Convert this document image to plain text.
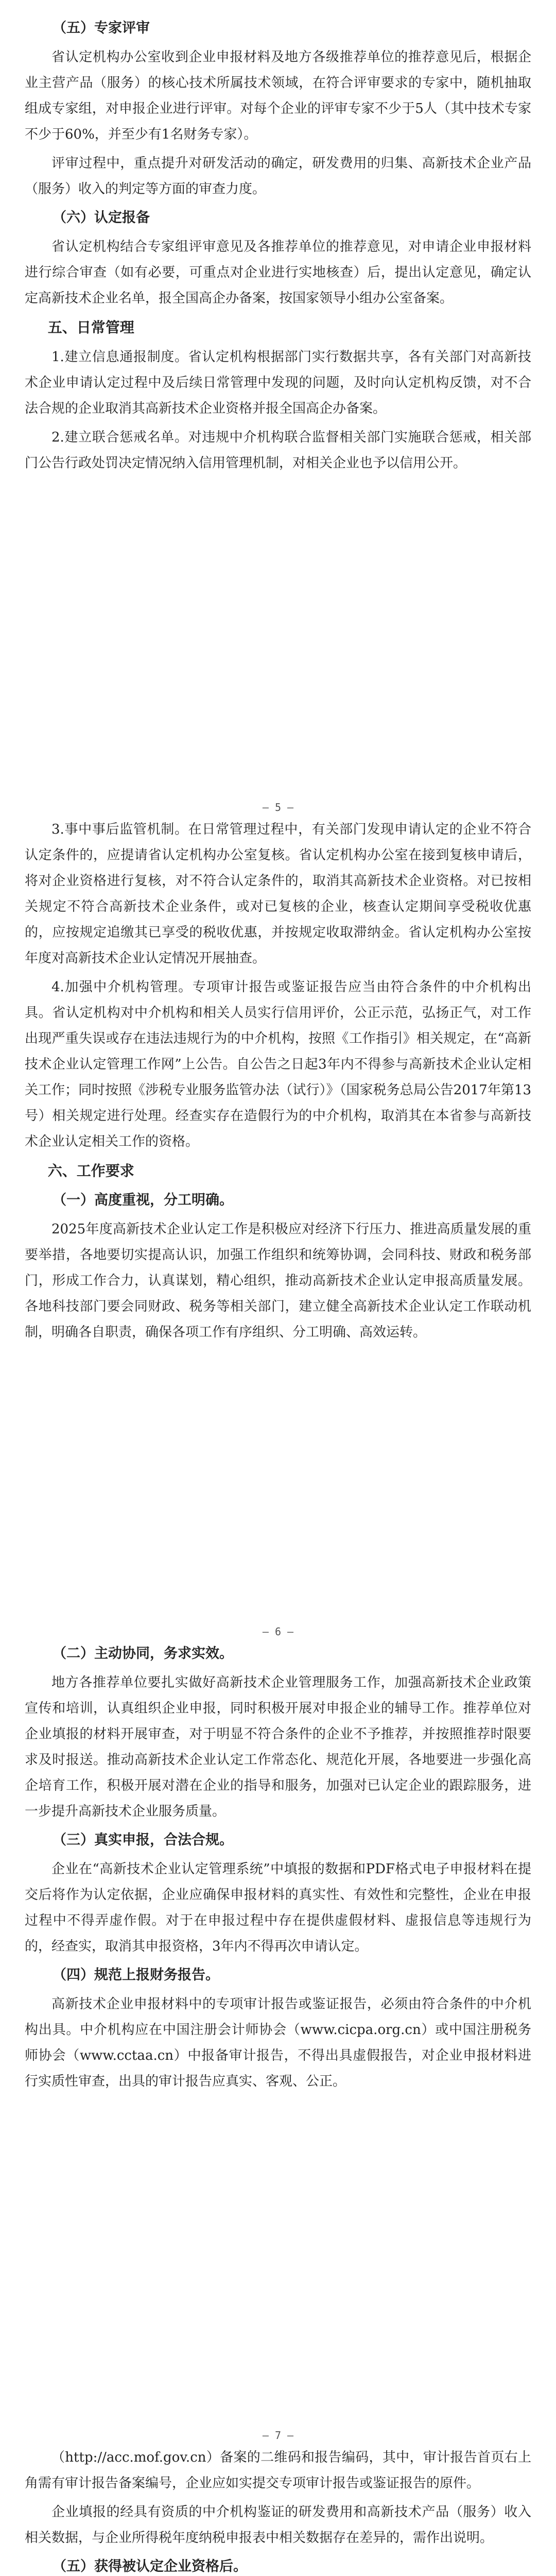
（五）专家评审

省认定机构办公室收到企业申报材料及地方各级推荐单位的推荐意见后，根据企业主营产品（服务）的核心技术所属技术领域，在符合评审要求的专家中，随机抽取组成专家组，对申报企业进行评审。对每个企业的评审专家不少于5人（其中技术专家不少于60%，并至少有1名财务专家）。

评审过程中，重点提升对研发活动的确定，研发费用的归集、高新技术企业产品（服务）收入的判定等方面的审查力度。

（六）认定报备

省认定机构结合专家组评审意见及各推荐单位的推荐意见，对申请企业申报材料进行综合审查（如有必要，可重点对企业进行实地核查）后，提出认定意见，确定认定高新技术企业名单，报全国高企办备案，按国家领导小组办公室备案。

五、日常管理

1.建立信息通报制度。省认定机构根据部门实行数据共享，各有关部门对高新技术企业申请认定过程中及后续日常管理中发现的问题，及时向认定机构反馈，对不合法合规的企业取消其高新技术企业资格并报全国高企办备案。

2.建立联合惩戒名单。对违规中介机构联合监督相关部门实施联合惩戒，相关部门公告行政处罚决定情况纳入信用管理机制，对相关企业也予以信用公开。

— 5 —

3.事中事后监管机制。在日常管理过程中，有关部门发现申请认定的企业不符合认定条件的，应提请省认定机构办公室复核。省认定机构办公室在接到复核申请后，将对企业资格进行复核，对不符合认定条件的，取消其高新技术企业资格。对已按相关规定不符合高新技术企业条件，或对已复核的企业，核查认定期间享受税收优惠的，应按规定追缴其已享受的税收优惠，并按规定收取滞纳金。省认定机构办公室按年度对高新技术企业认定情况开展抽查。

4.加强中介机构管理。专项审计报告或鉴证报告应当由符合条件的中介机构出具。省认定机构对中介机构和相关人员实行信用评价，公正示范，弘扬正气，对工作出现严重失误或存在违法违规行为的中介机构，按照《工作指引》相关规定，在“高新技术企业认定管理工作网”上公告。自公告之日起3年内不得参与高新技术企业认定相关工作；同时按照《涉税专业服务监管办法（试行）》（国家税务总局公告2017年第13号）相关规定进行处理。经查实存在造假行为的中介机构，取消其在本省参与高新技术企业认定相关工作的资格。

六、工作要求
（一）高度重视，分工明确。

2025年度高新技术企业认定工作是积极应对经济下行压力、推进高质量发展的重要举措，各地要切实提高认识，加强工作组织和统筹协调，会同科技、财政和税务部门，形成工作合力，认真谋划，精心组织，推动高新技术企业认定申报高质量发展。各地科技部门要会同财政、税务等相关部门，建立健全高新技术企业认定工作联动机制，明确各自职责，确保各项工作有序组织、分工明确、高效运转。

— 6 —
（二）主动协同，务求实效。

地方各推荐单位要扎实做好高新技术企业管理服务工作，加强高新技术企业政策宣传和培训，认真组织企业申报，同时积极开展对申报企业的辅导工作。推荐单位对企业填报的材料开展审查，对于明显不符合条件的企业不予推荐，并按照推荐时限要求及时报送。推动高新技术企业认定工作常态化、规范化开展，各地要进一步强化高企培育工作，积极开展对潜在企业的指导和服务，加强对已认定企业的跟踪服务，进一步提升高新技术企业服务质量。

（三）真实申报，合法合规。

企业在“高新技术企业认定管理系统”中填报的数据和PDF格式电子申报材料在提交后将作为认定依据，企业应确保申报材料的真实性、有效性和完整性，企业在申报过程中不得弄虚作假。对于在申报过程中存在提供虚假材料、虚报信息等违规行为的，经查实，取消其申报资格，3年内不得再次申请认定。

（四）规范上报财务报告。

高新技术企业申报材料中的专项审计报告或鉴证报告，必须由符合条件的中介机构出具。中介机构应在中国注册会计师协会（www.cicpa.org.cn）或中国注册税务师协会（www.cctaa.cn）中报备审计报告，不得出具虚假报告，对企业申报材料进行实质性审查，出具的审计报告应真实、客观、公正。

— 7 —

（http://acc.mof.gov.cn）备案的二维码和报告编码，其中，审计报告首页右上角需有审计报告备案编号，企业应如实提交专项审计报告或鉴证报告的原件。

企业填报的经具有资质的中介机构鉴证的研发费用和高新技术产品（服务）收入相关数据，与企业所得税年度纳税申报表中相关数据存在差异的，需作出说明。

（五）获得被认定企业资格后。
